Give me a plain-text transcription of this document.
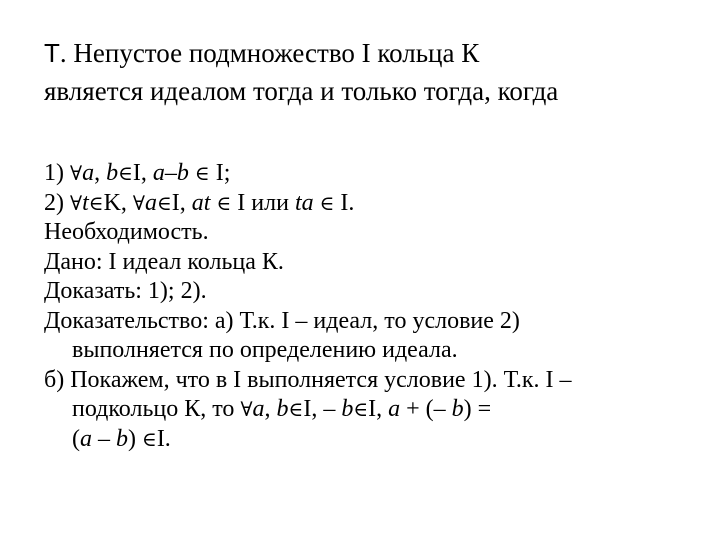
Т. Непустое подмножество I кольца К
является идеалом тогда и только тогда, когда
1) ∀a, b∈I, a–b ∈ I;
2) ∀t∈K, ∀a∈I, at ∈ I или ta ∈ I.
Необходимость.
Дано: I идеал кольца К.
Доказать: 1); 2).
Доказательство: а) Т.к. I – идеал, то условие 2)
выполняется по определению идеала.
б) Покажем, что в I выполняется условие 1). Т.к. I –
подкольцо К, то ∀a, b∈I, – b∈I, a + (– b) =
(a – b) ∈I.
